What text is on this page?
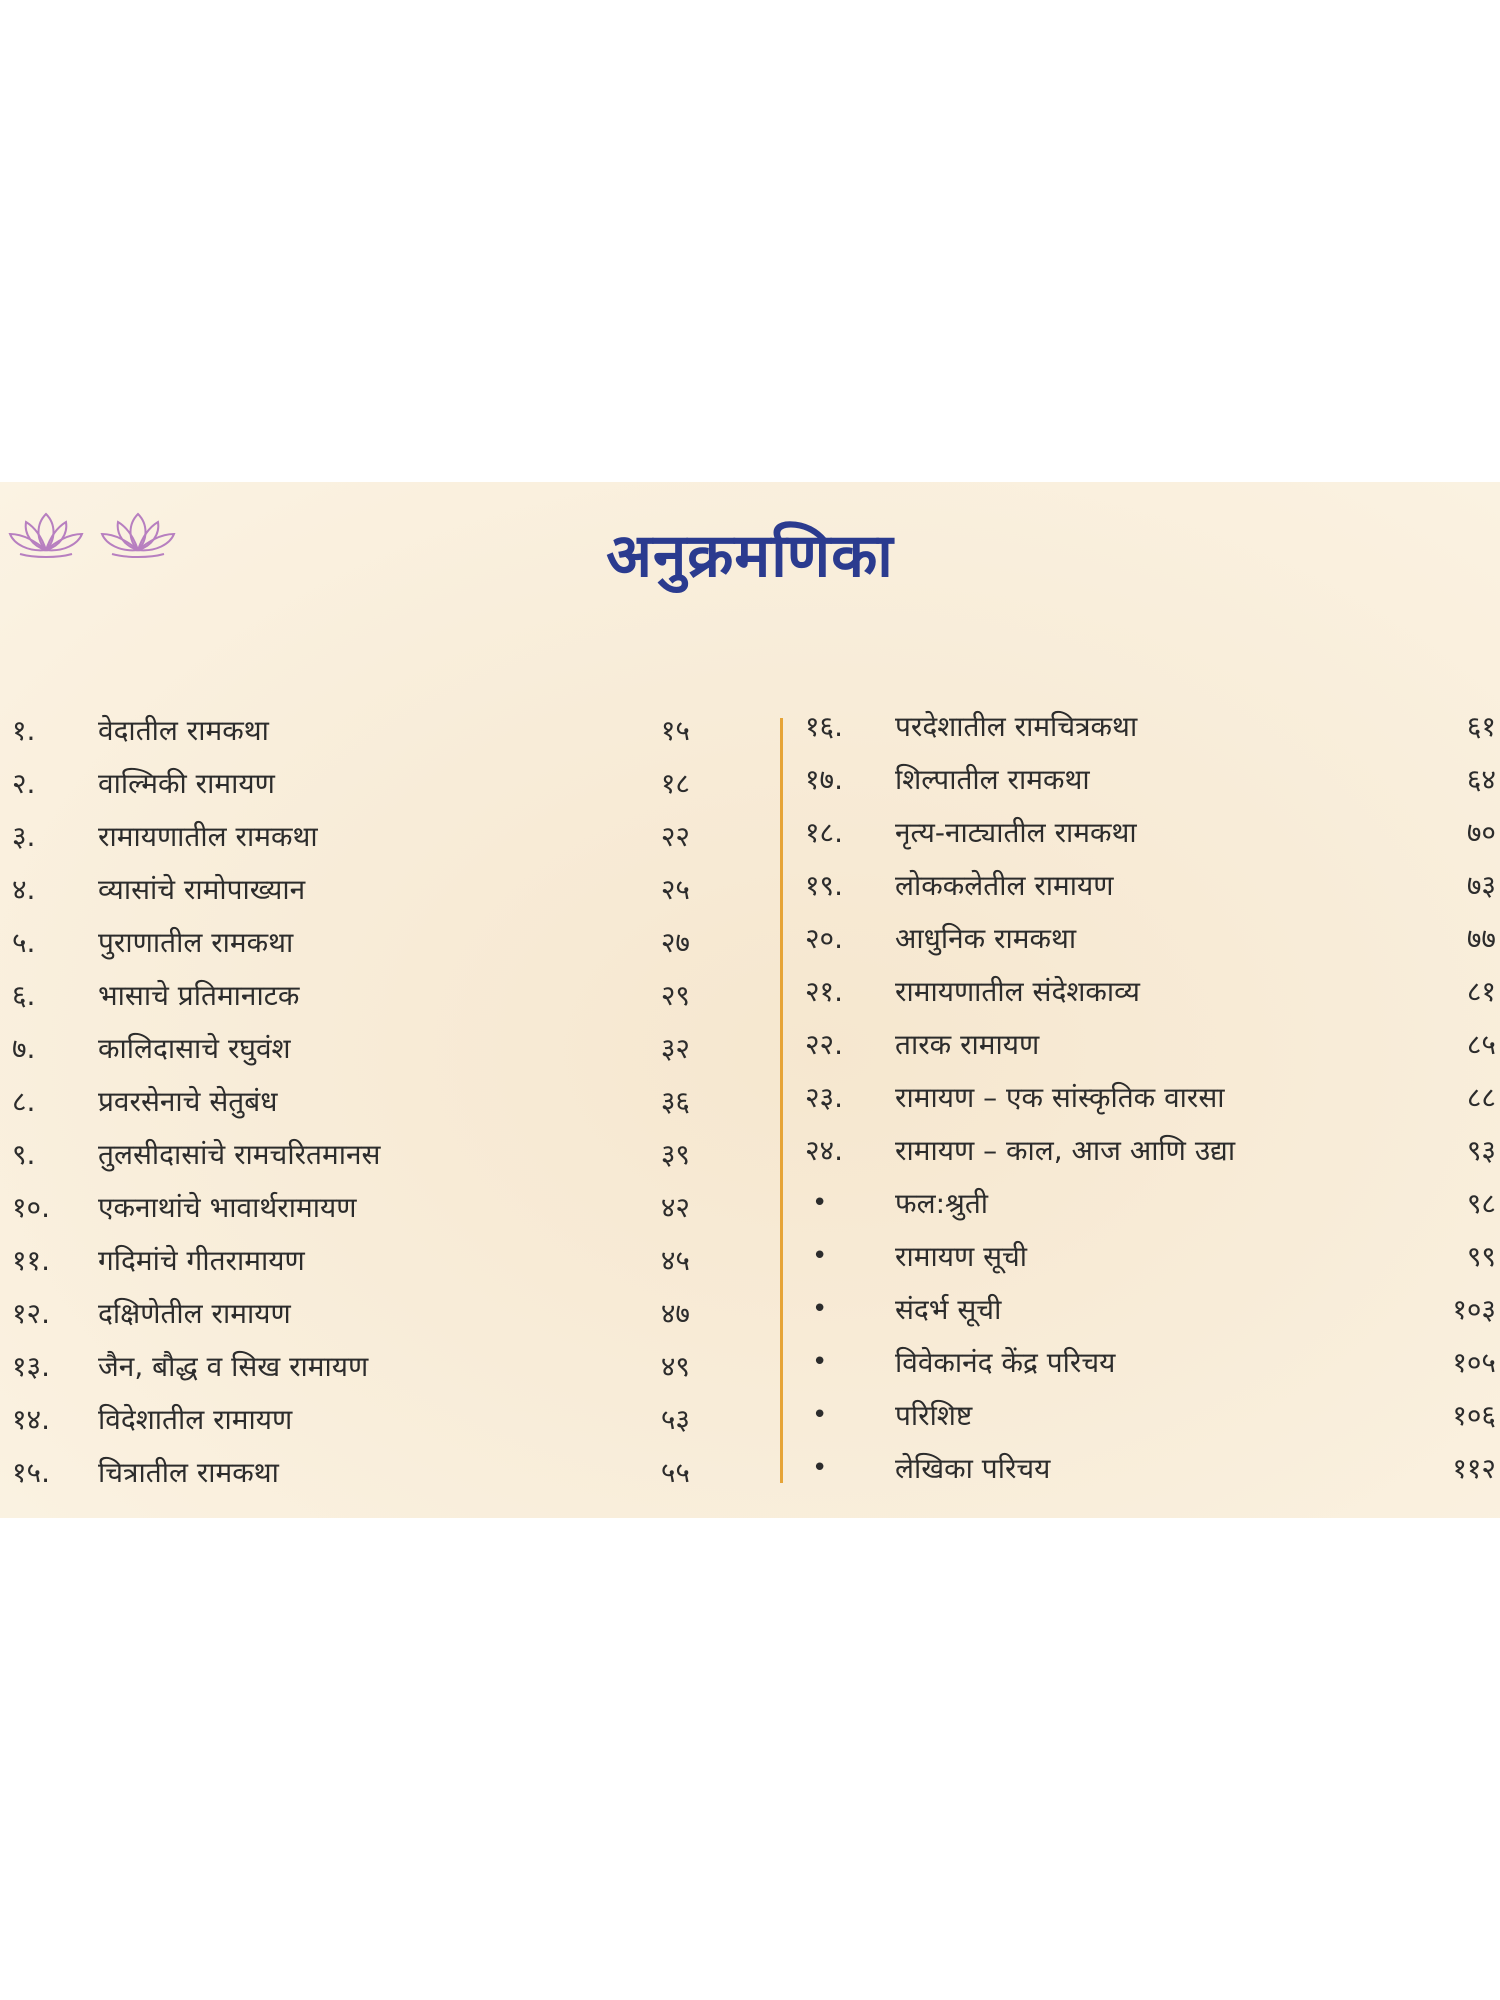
अनुक्रमणिका
१. वेदातील रामकथा	१५
२. वाल्मिकी रामायण	१८
३. रामायणातील रामकथा	२२
४. व्यासांचे रामोपाख्यान	२५
५. पुराणातील रामकथा	२७
६. भासाचे प्रतिमानाटक	२९
७. कालिदासाचे रघुवंश	३२
८. प्रवरसेनाचे सेतुबंध	३६
९. तुलसीदासांचे रामचरितमानस	३९
१०. एकनाथांचे भावार्थरामायण	४२
११. गदिमांचे गीतरामायण	४५
१२. दक्षिणेतील रामायण	४७
१३. जैन, बौद्ध व सिख रामायण	४९
१४. विदेशातील रामायण	५३
१५. चित्रातील रामकथा	५५
१६. परदेशातील रामचित्रकथा	६१
१७. शिल्पातील रामकथा	६४
१८. नृत्य-नाट्यातील रामकथा	७०
१९. लोककलेतील रामायण	७३
२०. आधुनिक रामकथा	७७
२१. रामायणातील संदेशकाव्य	८१
२२. तारक रामायण	८५
२३. रामायण – एक सांस्कृतिक वारसा	८८
२४. रामायण – काल, आज आणि उद्या	९३
• फल:श्रुती	९८
• रामायण सूची	९९
• संदर्भ सूची	१०३
• विवेकानंद केंद्र परिचय	१०५
• परिशिष्ट	१०६
• लेखिका परिचय	११२
